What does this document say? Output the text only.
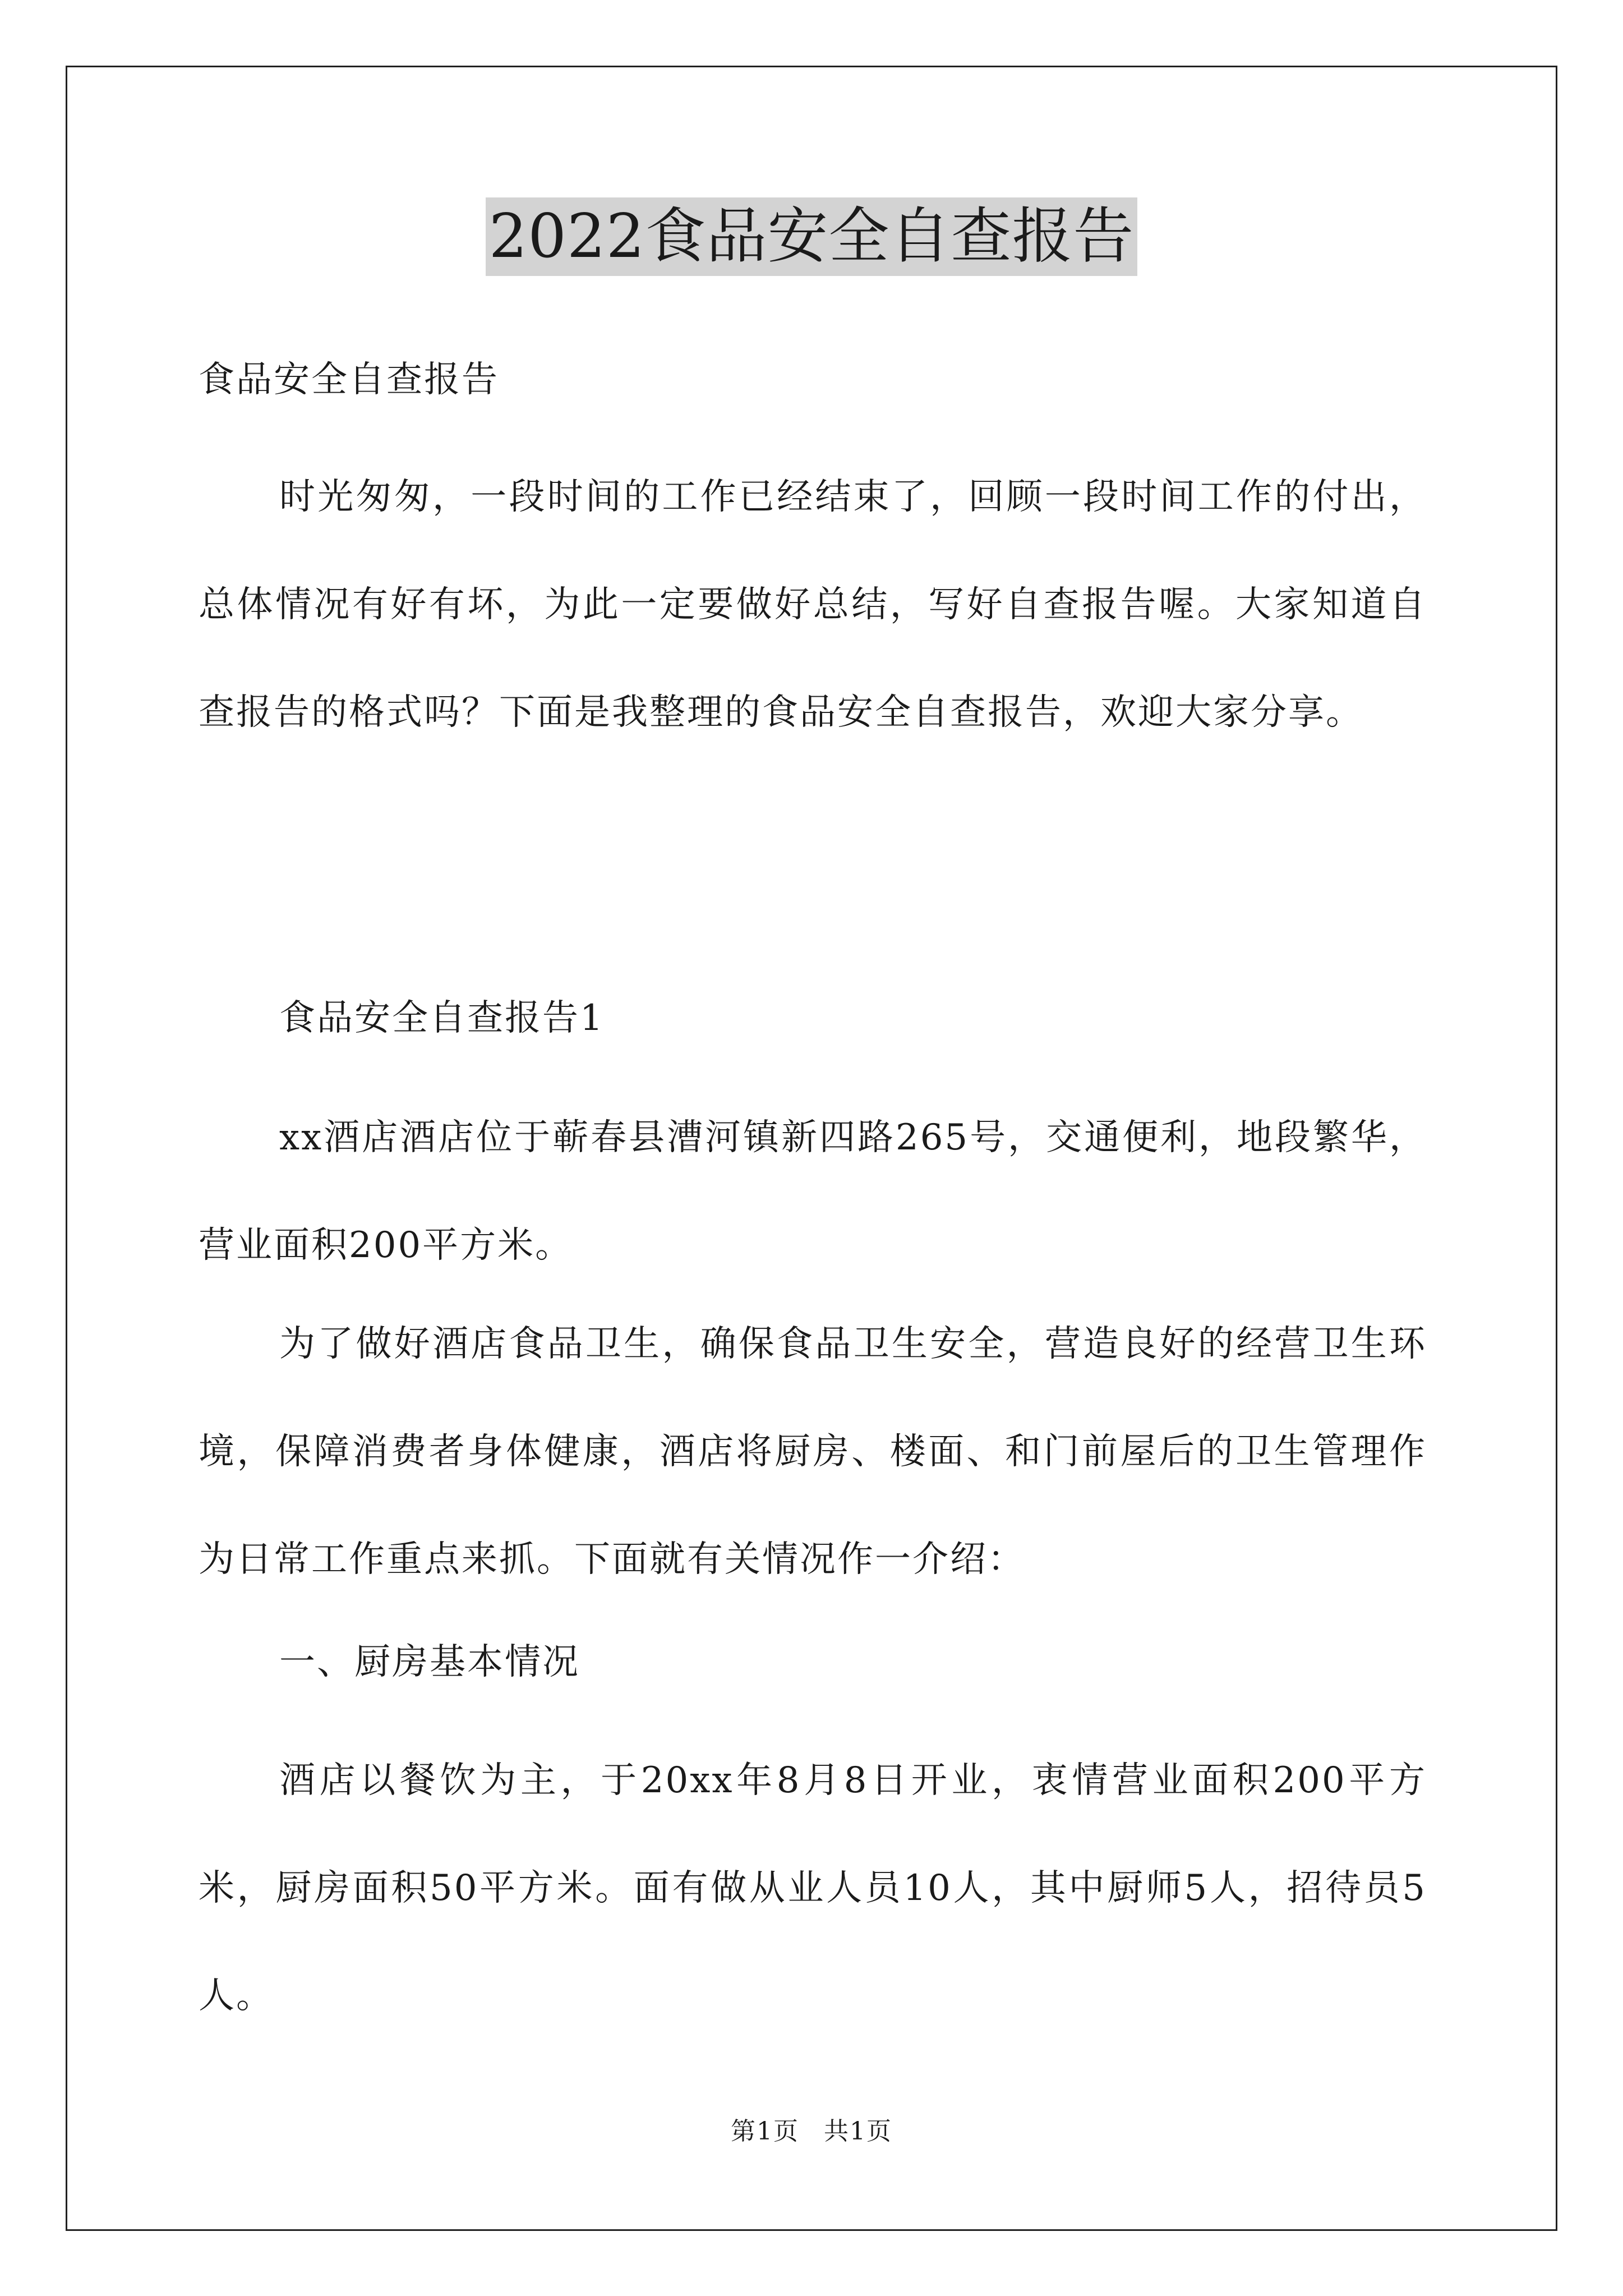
2022食品安全自查报告
食品安全自查报告

时光匆匆，一段时间的工作已经结束了，回顾一段时间工作的付出，总体情况有好有坏，为此一定要做好总结，写好自查报告喔。大家知道自查报告的格式吗？下面是我整理的食品安全自查报告，欢迎大家分享。

食品安全自查报告1

xx酒店酒店位于蕲春县漕河镇新四路265号，交通便利，地段繁华，营业面积200平方米。

为了做好酒店食品卫生，确保食品卫生安全，营造良好的经营卫生环境，保障消费者身体健康，酒店将厨房、楼面、和门前屋后的卫生管理作为日常工作重点来抓。下面就有关情况作一介绍：

一、厨房基本情况

酒店以餐饮为主，于20xx年8月8日开业，衷情营业面积200平方米，厨房面积50平方米。面有做从业人员10人，其中厨师5人，招待员5人。

第1页 共1页
